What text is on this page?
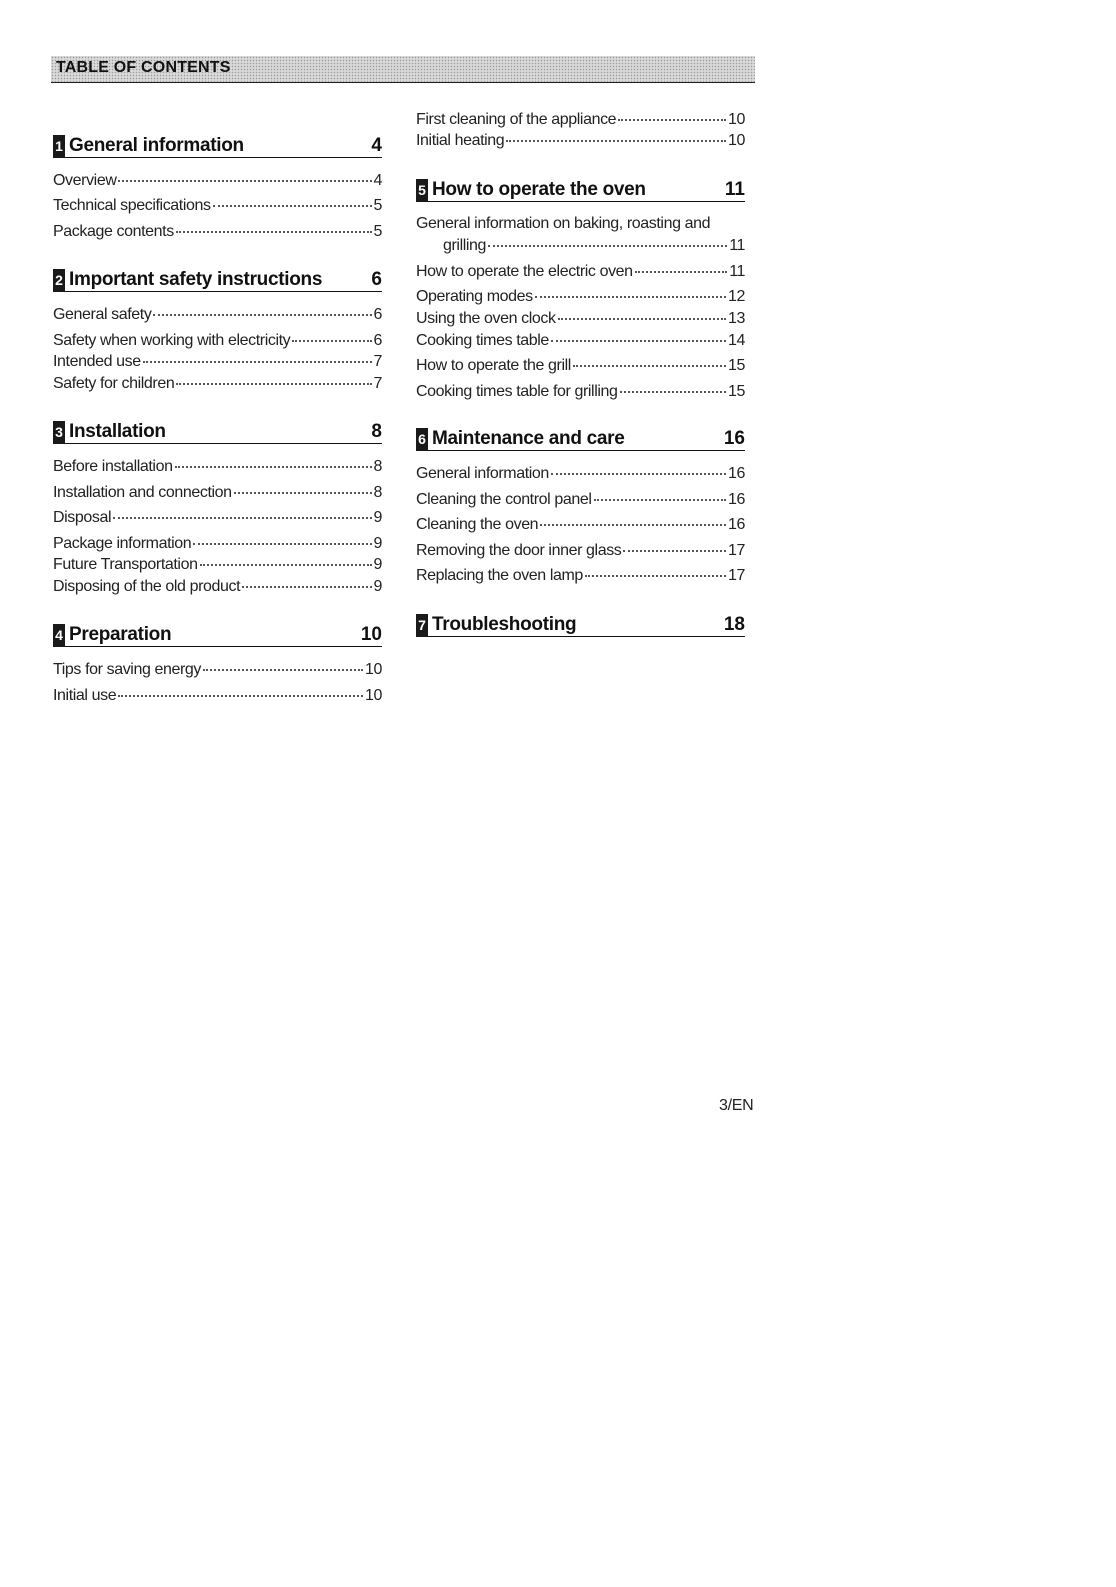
TABLE OF CONTENTS
1 General information	4
Overview	4
Technical specifications	5
Package contents	5
2 Important safety instructions	6
General safety	6
Safety when working with electricity	6
Intended use	7
Safety for children	7
3 Installation	8
Before installation	8
Installation and connection	8
Disposal	9
Package information	9
Future Transportation	9
Disposing of the old product	9
4 Preparation	10
Tips for saving energy	10
Initial use	10
First cleaning of the appliance	10
Initial heating	10
5 How to operate the oven	11
General information on baking, roasting and
grilling	11
How to operate the electric oven	11
Operating modes	12
Using the oven clock	13
Cooking times table	14
How to operate the grill	15
Cooking times table for grilling	15
6 Maintenance and care	16
General information	16
Cleaning the control panel	16
Cleaning the oven	16
Removing the door inner glass	17
Replacing the oven lamp	17
7 Troubleshooting	18
3/EN
